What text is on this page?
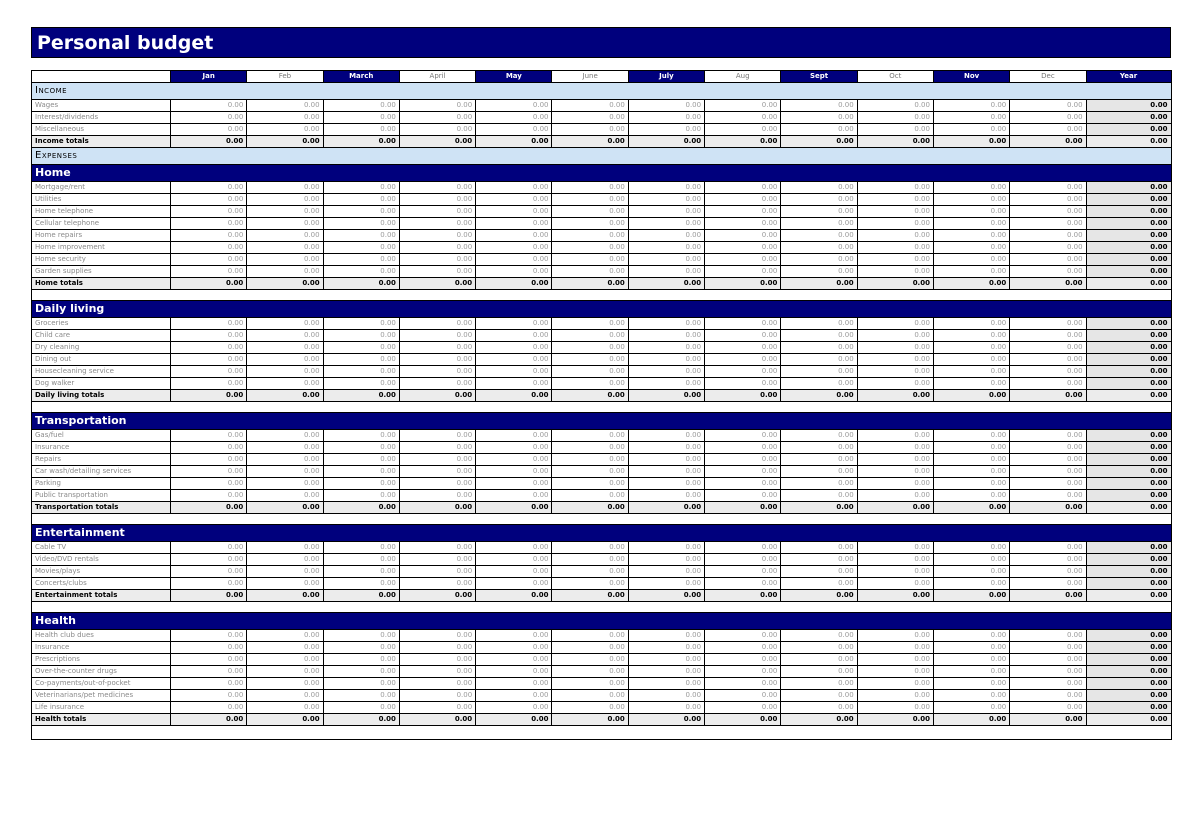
Personal budget
	Jan	Feb	March	April	May	June	July	Aug	Sept	Oct	Nov	Dec	Year
Income													
Wages	0.00	0.00	0.00	0.00	0.00	0.00	0.00	0.00	0.00	0.00	0.00	0.00	0.00
Interest/dividends	0.00	0.00	0.00	0.00	0.00	0.00	0.00	0.00	0.00	0.00	0.00	0.00	0.00
Miscellaneous	0.00	0.00	0.00	0.00	0.00	0.00	0.00	0.00	0.00	0.00	0.00	0.00	0.00
Income totals	0.00	0.00	0.00	0.00	0.00	0.00	0.00	0.00	0.00	0.00	0.00	0.00	0.00
Expenses													
Home													
Mortgage/rent	0.00	0.00	0.00	0.00	0.00	0.00	0.00	0.00	0.00	0.00	0.00	0.00	0.00
Utilities	0.00	0.00	0.00	0.00	0.00	0.00	0.00	0.00	0.00	0.00	0.00	0.00	0.00
Home telephone	0.00	0.00	0.00	0.00	0.00	0.00	0.00	0.00	0.00	0.00	0.00	0.00	0.00
Cellular telephone	0.00	0.00	0.00	0.00	0.00	0.00	0.00	0.00	0.00	0.00	0.00	0.00	0.00
Home repairs	0.00	0.00	0.00	0.00	0.00	0.00	0.00	0.00	0.00	0.00	0.00	0.00	0.00
Home improvement	0.00	0.00	0.00	0.00	0.00	0.00	0.00	0.00	0.00	0.00	0.00	0.00	0.00
Home security	0.00	0.00	0.00	0.00	0.00	0.00	0.00	0.00	0.00	0.00	0.00	0.00	0.00
Garden supplies	0.00	0.00	0.00	0.00	0.00	0.00	0.00	0.00	0.00	0.00	0.00	0.00	0.00
Home totals	0.00	0.00	0.00	0.00	0.00	0.00	0.00	0.00	0.00	0.00	0.00	0.00	0.00

Daily living													
Groceries	0.00	0.00	0.00	0.00	0.00	0.00	0.00	0.00	0.00	0.00	0.00	0.00	0.00
Child care	0.00	0.00	0.00	0.00	0.00	0.00	0.00	0.00	0.00	0.00	0.00	0.00	0.00
Dry cleaning	0.00	0.00	0.00	0.00	0.00	0.00	0.00	0.00	0.00	0.00	0.00	0.00	0.00
Dining out	0.00	0.00	0.00	0.00	0.00	0.00	0.00	0.00	0.00	0.00	0.00	0.00	0.00
Housecleaning service	0.00	0.00	0.00	0.00	0.00	0.00	0.00	0.00	0.00	0.00	0.00	0.00	0.00
Dog walker	0.00	0.00	0.00	0.00	0.00	0.00	0.00	0.00	0.00	0.00	0.00	0.00	0.00
Daily living totals	0.00	0.00	0.00	0.00	0.00	0.00	0.00	0.00	0.00	0.00	0.00	0.00	0.00

Transportation													
Gas/fuel	0.00	0.00	0.00	0.00	0.00	0.00	0.00	0.00	0.00	0.00	0.00	0.00	0.00
Insurance	0.00	0.00	0.00	0.00	0.00	0.00	0.00	0.00	0.00	0.00	0.00	0.00	0.00
Repairs	0.00	0.00	0.00	0.00	0.00	0.00	0.00	0.00	0.00	0.00	0.00	0.00	0.00
Car wash/detailing services	0.00	0.00	0.00	0.00	0.00	0.00	0.00	0.00	0.00	0.00	0.00	0.00	0.00
Parking	0.00	0.00	0.00	0.00	0.00	0.00	0.00	0.00	0.00	0.00	0.00	0.00	0.00
Public transportation	0.00	0.00	0.00	0.00	0.00	0.00	0.00	0.00	0.00	0.00	0.00	0.00	0.00
Transportation totals	0.00	0.00	0.00	0.00	0.00	0.00	0.00	0.00	0.00	0.00	0.00	0.00	0.00

Entertainment													
Cable TV	0.00	0.00	0.00	0.00	0.00	0.00	0.00	0.00	0.00	0.00	0.00	0.00	0.00
Video/DVD rentals	0.00	0.00	0.00	0.00	0.00	0.00	0.00	0.00	0.00	0.00	0.00	0.00	0.00
Movies/plays	0.00	0.00	0.00	0.00	0.00	0.00	0.00	0.00	0.00	0.00	0.00	0.00	0.00
Concerts/clubs	0.00	0.00	0.00	0.00	0.00	0.00	0.00	0.00	0.00	0.00	0.00	0.00	0.00
Entertainment totals	0.00	0.00	0.00	0.00	0.00	0.00	0.00	0.00	0.00	0.00	0.00	0.00	0.00

Health													
Health club dues	0.00	0.00	0.00	0.00	0.00	0.00	0.00	0.00	0.00	0.00	0.00	0.00	0.00
Insurance	0.00	0.00	0.00	0.00	0.00	0.00	0.00	0.00	0.00	0.00	0.00	0.00	0.00
Prescriptions	0.00	0.00	0.00	0.00	0.00	0.00	0.00	0.00	0.00	0.00	0.00	0.00	0.00
Over-the-counter drugs	0.00	0.00	0.00	0.00	0.00	0.00	0.00	0.00	0.00	0.00	0.00	0.00	0.00
Co-payments/out-of-pocket	0.00	0.00	0.00	0.00	0.00	0.00	0.00	0.00	0.00	0.00	0.00	0.00	0.00
Veterinarians/pet medicines	0.00	0.00	0.00	0.00	0.00	0.00	0.00	0.00	0.00	0.00	0.00	0.00	0.00
Life insurance	0.00	0.00	0.00	0.00	0.00	0.00	0.00	0.00	0.00	0.00	0.00	0.00	0.00
Health totals	0.00	0.00	0.00	0.00	0.00	0.00	0.00	0.00	0.00	0.00	0.00	0.00	0.00
